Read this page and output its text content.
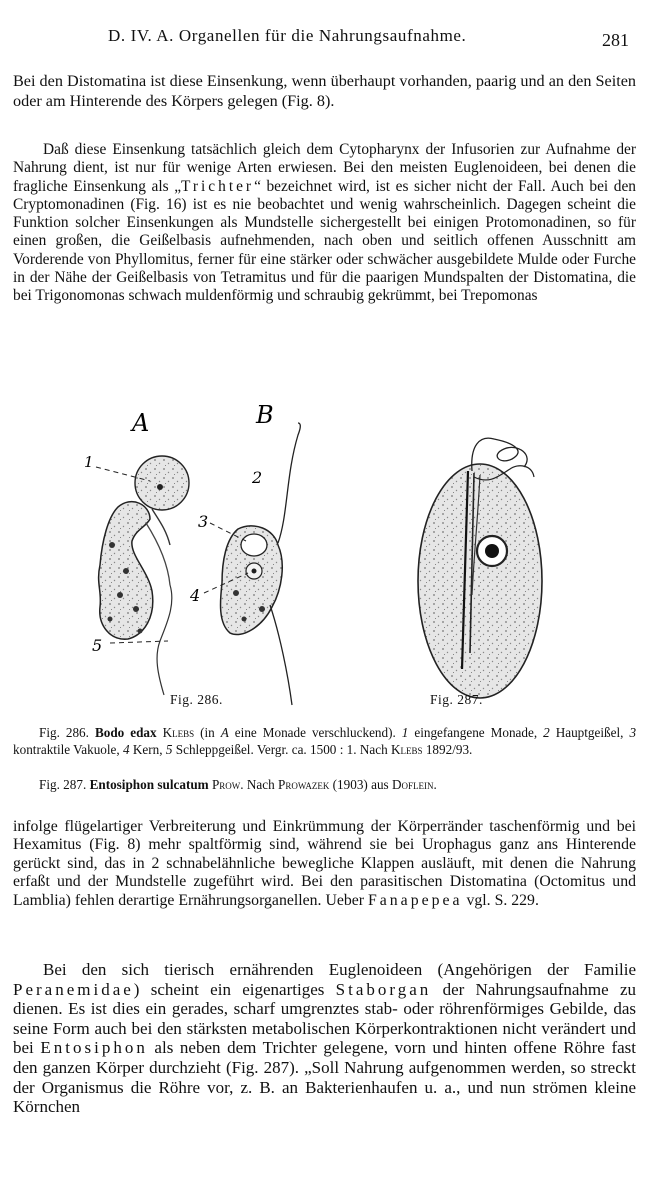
D. IV. A. Organellen für die Nahrungsaufnahme.	281

Bei den Distomatina ist diese Einsenkung, wenn überhaupt vorhanden, paarig und an den Seiten oder am Hinterende des Körpers gelegen (Fig. 8).

Daß diese Einsenkung tatsächlich gleich dem Cytopharynx der Infusorien zur Aufnahme der Nahrung dient, ist nur für wenige Arten erwiesen. Bei den meisten Euglenoideen, bei denen die fragliche Einsenkung als „Trichter“ bezeichnet wird, ist es sicher nicht der Fall. Auch bei den Cryptomonadinen (Fig. 16) ist es nie beobachtet und wenig wahrscheinlich. Dagegen scheint die Funktion solcher Einsenkungen als Mundstelle sichergestellt bei einigen Protomonadinen, so für einen großen, die Geißelbasis aufnehmenden, nach oben und seitlich offenen Ausschnitt am Vorderende von Phyllomitus, ferner für eine stärker oder schwächer ausgebildete Mulde oder Furche in der Nähe der Geißelbasis von Tetramitus und für die paarigen Mundspalten der Distomatina, die bei Trigonomonas schwach muldenförmig und schraubig gekrümmt, bei Trepomonas

A	B
1
2
3
4
5
Fig. 286.	Fig. 287.

Fig. 286. Bodo edax Klebs (in A eine Monade verschluckend). 1 eingefangene Monade, 2 Hauptgeißel, 3 kontraktile Vakuole, 4 Kern, 5 Schleppgeißel. Vergr. ca. 1500 : 1. Nach Klebs 1892/93.

Fig. 287. Entosiphon sulcatum Prow. Nach Prowazek (1903) aus Doflein.

infolge flügelartiger Verbreiterung und Einkrümmung der Körperränder taschenförmig und bei Hexamitus (Fig. 8) mehr spaltförmig sind, während sie bei Urophagus ganz ans Hinterende gerückt sind, das in 2 schnabelähnliche bewegliche Klappen ausläuft, mit denen die Nahrung erfaßt und der Mundstelle zugeführt wird. Bei den parasitischen Distomatina (Octomitus und Lamblia) fehlen derartige Ernährungsorganellen. Ueber Fanapepea vgl. S. 229.

Bei den sich tierisch ernährenden Euglenoideen (Angehörigen der Familie Peranemidae) scheint ein eigenartiges Staborgan der Nahrungsaufnahme zu dienen. Es ist dies ein gerades, scharf umgrenztes stab- oder röhrenförmiges Gebilde, das seine Form auch bei den stärksten metabolischen Körperkontraktionen nicht verändert und bei Entosiphon als neben dem Trichter gelegene, vorn und hinten offene Röhre fast den ganzen Körper durchzieht (Fig. 287). „Soll Nahrung aufgenommen werden, so streckt der Organismus die Röhre vor, z. B. an Bakterienhaufen u. a., und nun strömen kleine Körnchen
